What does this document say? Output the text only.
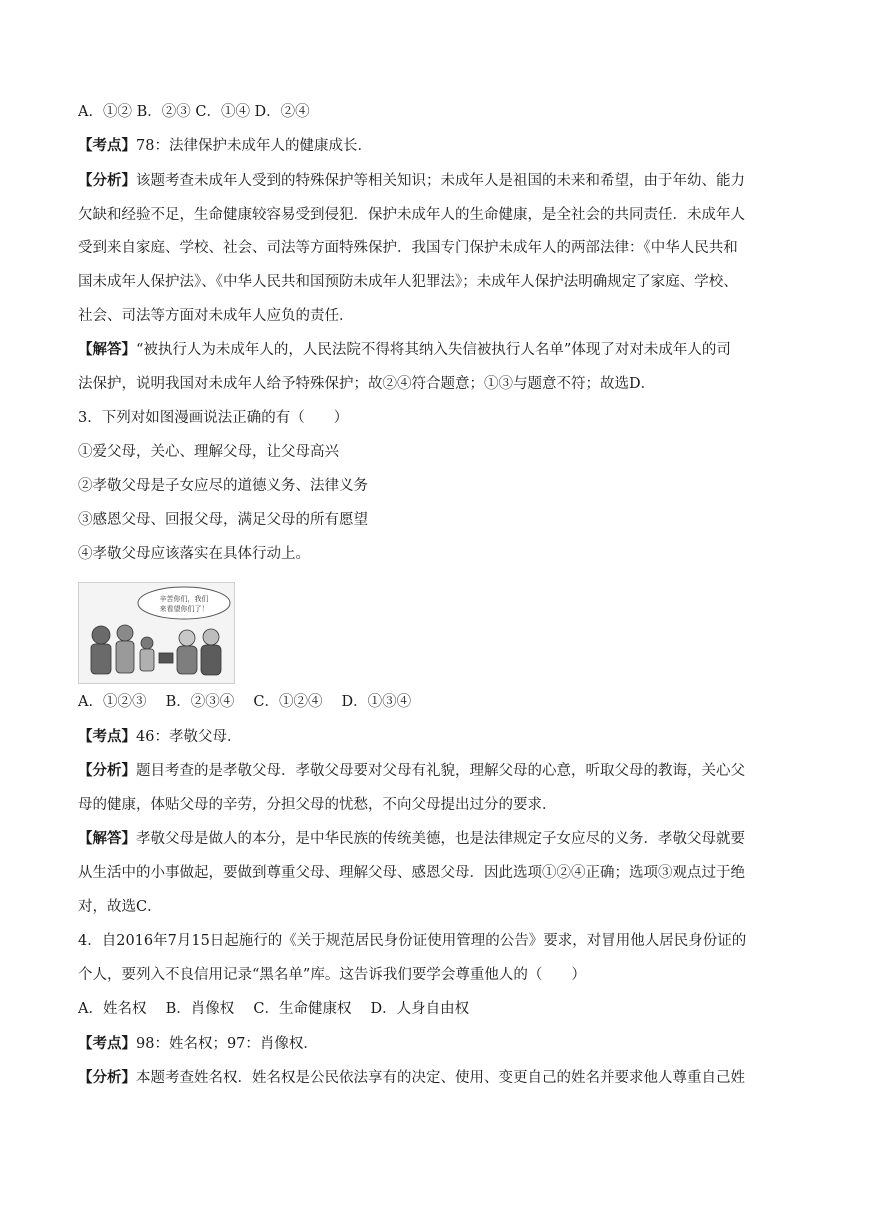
A．①② B．②③ C．①④ D．②④
【考点】78：法律保护未成年人的健康成长．
【分析】该题考查未成年人受到的特殊保护等相关知识；未成年人是祖国的未来和希望，由于年幼、能力
欠缺和经验不足，生命健康较容易受到侵犯．保护未成年人的生命健康，是全社会的共同责任．未成年人
受到来自家庭、学校、社会、司法等方面特殊保护．我国专门保护未成年人的两部法律：《中华人民共和
国未成年人保护法》、《中华人民共和国预防未成年人犯罪法》；未成年人保护法明确规定了家庭、学校、
社会、司法等方面对未成年人应负的责任．
【解答】“被执行人为未成年人的，人民法院不得将其纳入失信被执行人名单”体现了对对未成年人的司
法保护，说明我国对未成年人给予特殊保护；故②④符合题意；①③与题意不符；故选D．
3．下列对如图漫画说法正确的有（　　）
①爱父母，关心、理解父母，让父母高兴
②孝敬父母是子女应尽的道德义务、法律义务
③感恩父母、回报父母，满足父母的所有愿望
④孝敬父母应该落实在具体行动上。
A．①②③　 B．②③④　 C．①②④　 D．①③④
【考点】46：孝敬父母．
【分析】题目考查的是孝敬父母．孝敬父母要对父母有礼貌，理解父母的心意，听取父母的教诲，关心父
母的健康，体贴父母的辛劳，分担父母的忧愁，不向父母提出过分的要求．
【解答】孝敬父母是做人的本分，是中华民族的传统美德，也是法律规定子女应尽的义务．孝敬父母就要
从生活中的小事做起，要做到尊重父母、理解父母、感恩父母．因此选项①②④正确；选项③观点过于绝
对，故选C．
4．自2016年7月15日起施行的《关于规范居民身份证使用管理的公告》要求，对冒用他人居民身份证的
个人，要列入不良信用记录“黑名单”库。这告诉我们要学会尊重他人的（　　）
A．姓名权　 B．肖像权　 C．生命健康权　 D．人身自由权
【考点】98：姓名权；97：肖像权．
【分析】本题考查姓名权．姓名权是公民依法享有的决定、使用、变更自己的姓名并要求他人尊重自己姓
辛苦你们，我们
来看望你们了！
